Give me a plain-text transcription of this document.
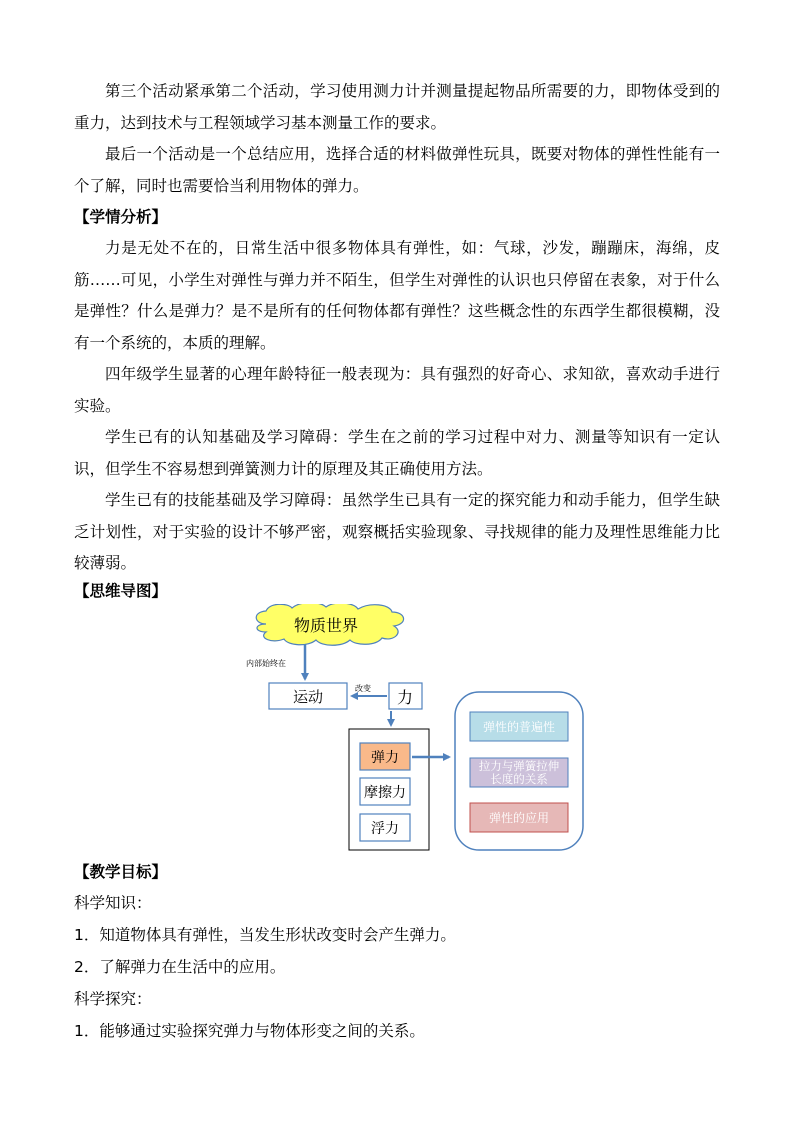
第三个活动紧承第二个活动，学习使用测力计并测量提起物品所需要的力，即物体受到的重力，达到技术与工程领域学习基本测量工作的要求。

最后一个活动是一个总结应用，选择合适的材料做弹性玩具，既要对物体的弹性性能有一个了解，同时也需要恰当利用物体的弹力。

【学情分析】

力是无处不在的，日常生活中很多物体具有弹性，如：气球，沙发，蹦蹦床，海绵，皮筋……可见，小学生对弹性与弹力并不陌生，但学生对弹性的认识也只停留在表象，对于什么是弹性？什么是弹力？是不是所有的任何物体都有弹性？这些概念性的东西学生都很模糊，没有一个系统的，本质的理解。

四年级学生显著的心理年龄特征一般表现为：具有强烈的好奇心、求知欲，喜欢动手进行实验。

学生已有的认知基础及学习障碍：学生在之前的学习过程中对力、测量等知识有一定认识，但学生不容易想到弹簧测力计的原理及其正确使用方法。

学生已有的技能基础及学习障碍：虽然学生已具有一定的探究能力和动手能力，但学生缺乏计划性，对于实验的设计不够严密，观察概括实验现象、寻找规律的能力及理性思维能力比较薄弱。

【思维导图】

物质世界
内部始终在
运动	力
改变
弹力
摩擦力
浮力
弹性的普遍性
拉力与弹簧拉伸
长度的关系
弹性的应用

【教学目标】

科学知识：

1．知道物体具有弹性，当发生形状改变时会产生弹力。

2．了解弹力在生活中的应用。

科学探究：

1．能够通过实验探究弹力与物体形变之间的关系。
